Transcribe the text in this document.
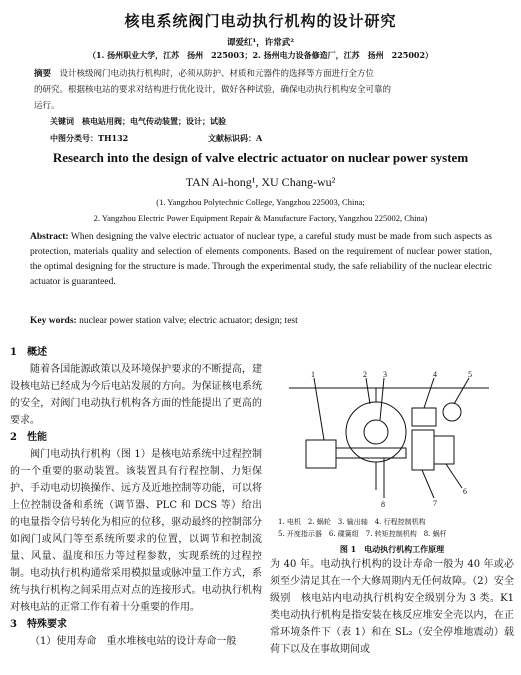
核电系统阀门电动执行机构的设计研究
谭爱红¹，许常武²
（1. 扬州职业大学，江苏　扬州　225003；2. 扬州电力设备修造厂，江苏　扬州　225002）
摘要　 设计核级阀门电动执行机构时，必须从防护、材质和元器件的选择等方面进行全方位
的研究。根据核电站的要求对结构进行优化设计，做好各种试验，确保电动执行机构安全可靠的
运行。
关键词　核电站用阀；电气传动装置；设计；试验
中图分类号：TH132	文献标识码：A
Research into the design of valve electric actuator on nuclear power system
TAN Ai-hong¹, XU Chang-wu²
(1. Yangzhou Polytechnic College, Yangzhou 225003, China;
2. Yangzhou Electric Power Equipment Repair & Manufacture Factory, Yangzhou 225002, China)
Abstract: When designing the valve electric actuator of nuclear type, a careful study must be made from such aspects as protection, materials quality and selection of elements components. Based on the requirement of nuclear power station, the optimal designing for the structure is made. Through the experimental study, the safe reliability of the nuclear electric actuator is guaranteed.
Key words: nuclear power station valve; electric actuator; design; test

1　概述

随着各国能源政策以及环境保护要求的不断提高，建设核电站已经成为今后电站发展的方向。为保证核电系统的安全，对阀门电动执行机构各方面的性能提出了更高的要求。

2　性能

阀门电动执行机构（图 1）是核电站系统中过程控制的一个重要的驱动装置。该装置具有行程控制、力矩保护、手动电动切换操作、远方及近地控制等功能，可以将上位控制设备和系统（调节器、PLC 和 DCS 等）给出的电量指令信号转化为相应的位移，驱动最终的控制部分如阀门或风门等至系统所要求的位置，以调节和控制流量、风量、温度和压力等过程参数，实现系统的过程控制。电动执行机构通常采用模拟量或脉冲量工作方式，系统与执行机构之间采用点对点的连接形式。电动执行机构对核电站的正常工作有着十分重要的作用。

3　特殊要求

（1）使用寿命　重水堆核电站的设计寿命一般

1	2 3	4	5
6
7
8
1. 电机　2. 蜗轮　3. 输出轴　4. 行程控制机构
5. 开度指示器　6. 碟簧组　7. 转矩控制机构　8. 蜗杆
图 1　电动执行机构工作原理

为 40 年。电动执行机构的设计寿命一般为 40 年或必须至少清足其在一个大修周期内无任何故障。（2）安全级别　核电站内电动执行机构安全级别分为 3 类。K1 类电动执行机构是指安装在核反应堆安全壳以内，在正常环境条件下（表 1）和在 SL₂（安全停堆地震动）载荷下以及在事故期间或
